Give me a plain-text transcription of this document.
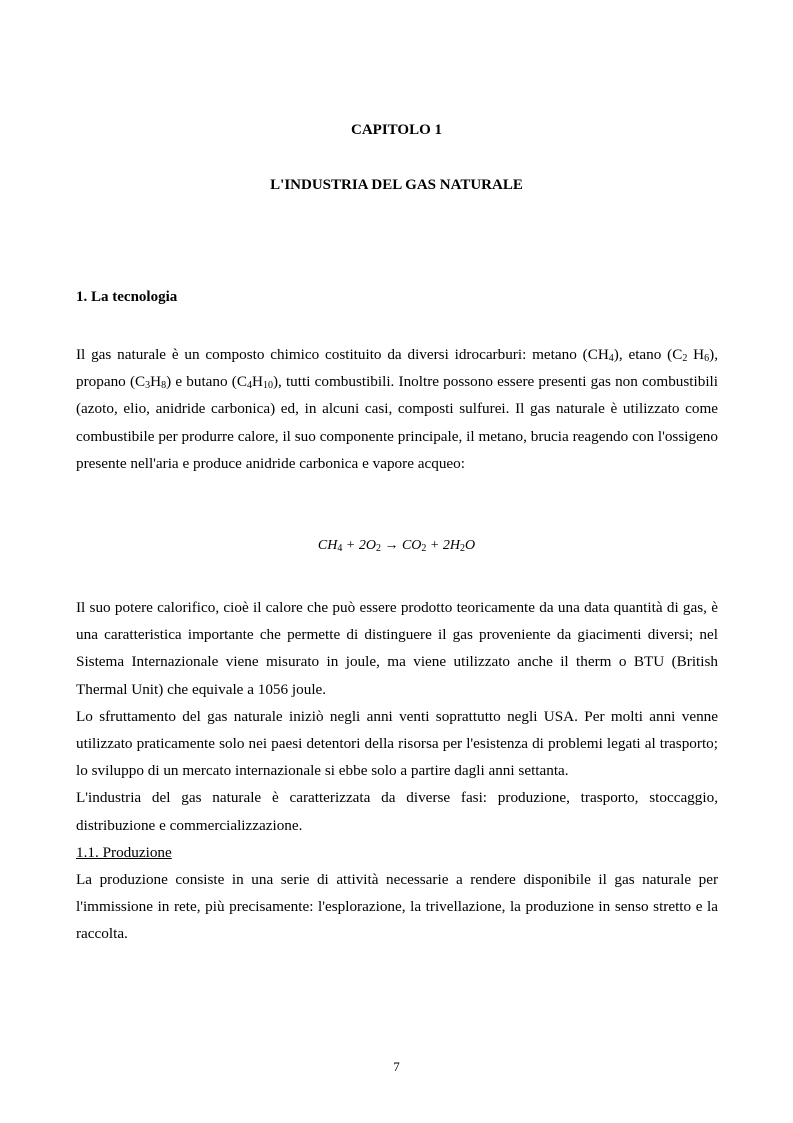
CAPITOLO 1
L'INDUSTRIA DEL GAS NATURALE
1. La tecnologia

Il gas naturale è un composto chimico costituito da diversi idrocarburi: metano $(CH_4)$, etano ($C_2$ $H_6$), propano $(C_3H_8)$ e butano $(C_4H_{10})$, tutti combustibili. Inoltre possono essere presenti gas non combustibili (azoto, elio, anidride carbonica) ed, in alcuni casi, composti sulfurei. Il gas naturale è utilizzato come combustibile per produrre calore, il suo componente principale, il metano, brucia reagendo con l'ossigeno presente nell'aria e produce anidride carbonica e vapore acqueo:

$CH_4 + 2O_2 \to CO_2 + 2H_2O$

Il suo potere calorifico, cioè il calore che può essere prodotto teoricamente da una data quantità di gas, è una caratteristica importante che permette di distinguere il gas proveniente da giacimenti diversi; nel Sistema Internazionale viene misurato in joule, ma viene utilizzato anche il therm o BTU (British Thermal Unit) che equivale a 1056 joule.

Lo sfruttamento del gas naturale iniziò negli anni venti soprattutto negli USA. Per molti anni venne utilizzato praticamente solo nei paesi detentori della risorsa per l'esistenza di problemi legati al trasporto; lo sviluppo di un mercato internazionale si ebbe solo a partire dagli anni settanta.

L'industria del gas naturale è caratterizzata da diverse fasi: produzione, trasporto, stoccaggio, distribuzione e commercializzazione.

1.1. Produzione

La produzione consiste in una serie di attività necessarie a rendere disponibile il gas naturale per l'immissione in rete, più precisamente: l'esplorazione, la trivellazione, la produzione in senso stretto e la raccolta.

7
